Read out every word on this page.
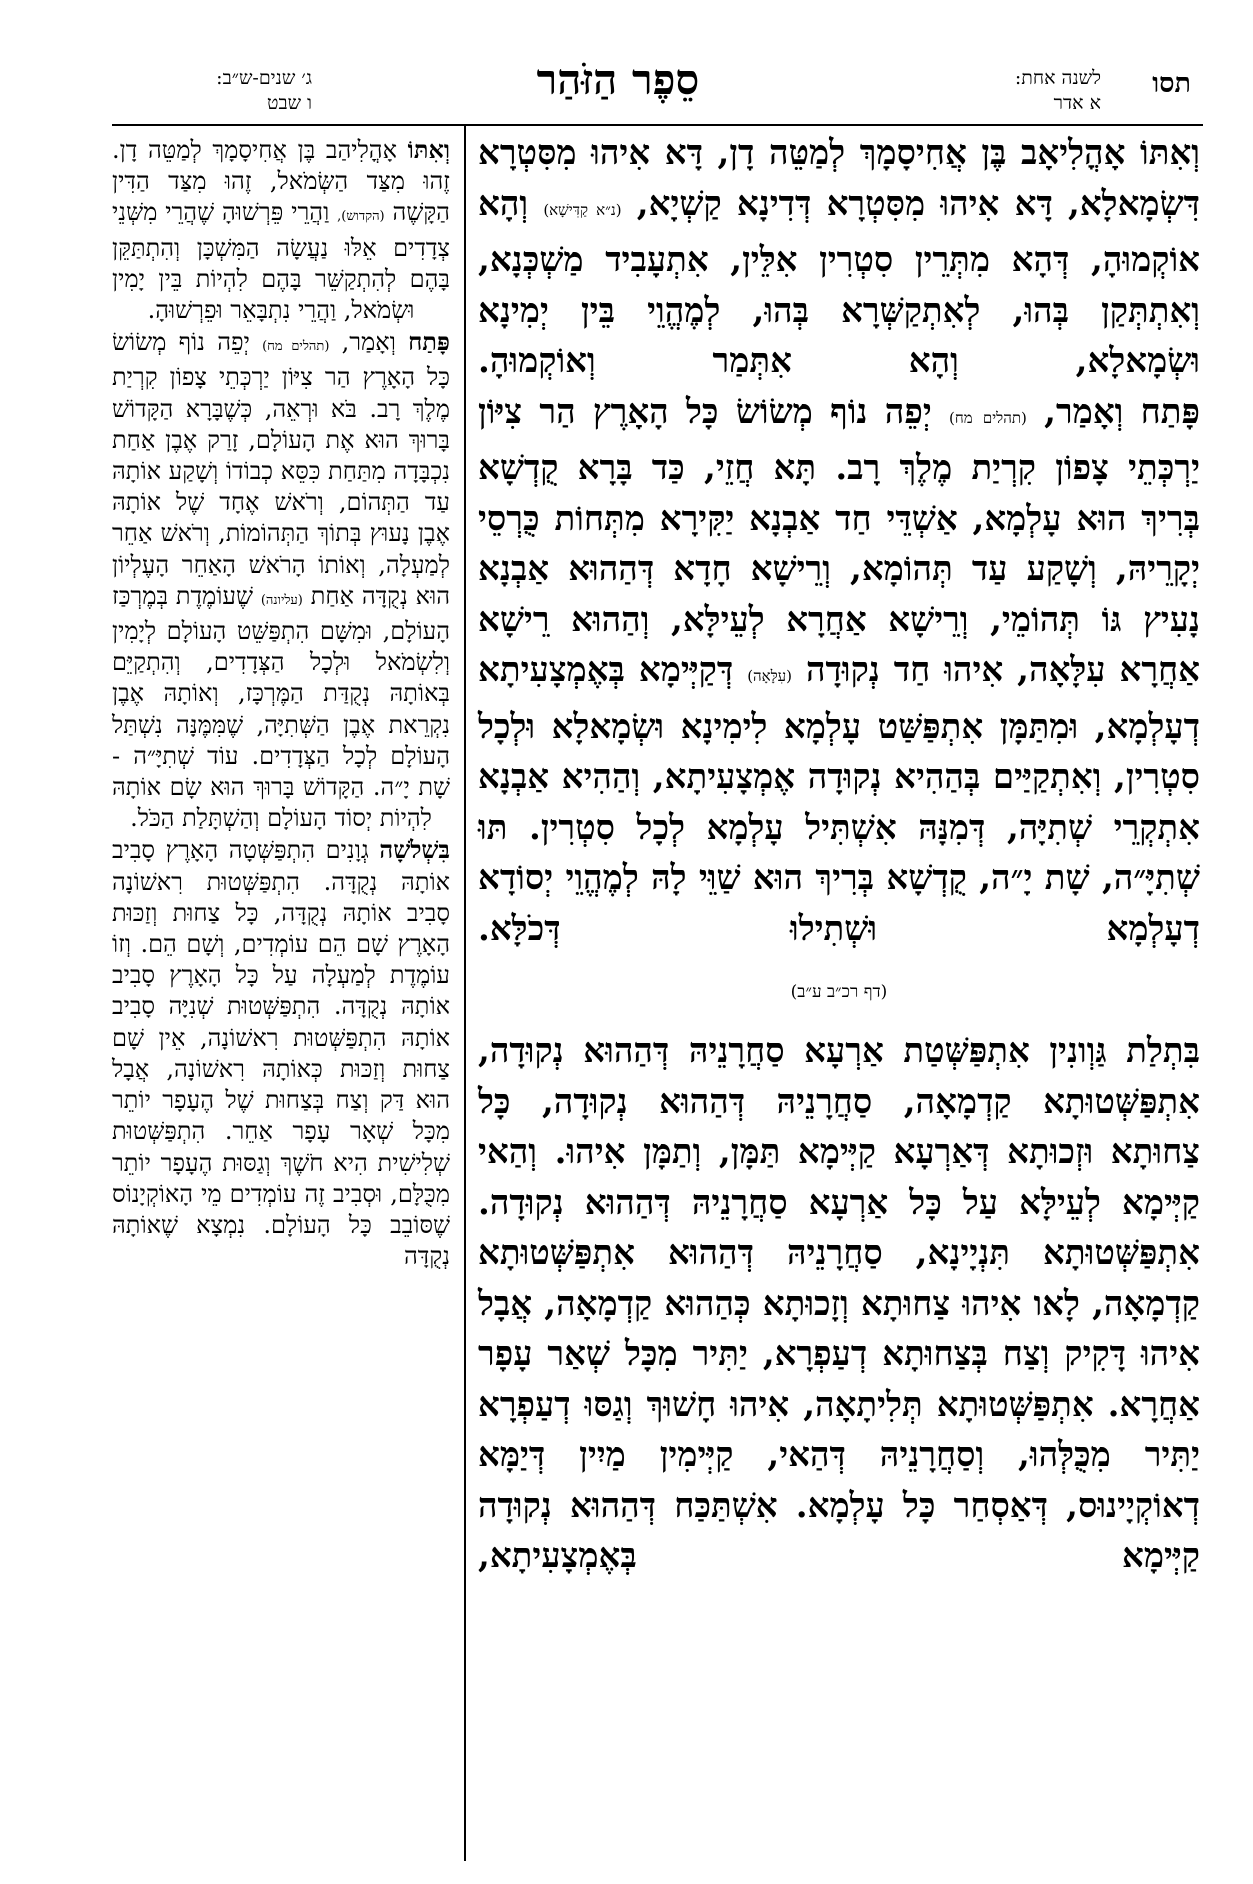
תסו
לשנה אחת:
א אדר
סֵפֶר הַזֹּהַר
ג׳ שנים-ש״ב:
ו שבט

וְאִתּוֹ אָהֳלִיאָב בֶּן אֲחִיסָמָךְ לְמַטֵּה דָן, דָּא אִיהוּ מִסִּטְרָא דִּשְׂמָאלָא, דָּא אִיהוּ מִסִּטְרָא דְּדִינָא קַשְׁיָא, (נ״א קַדִּישָׁא) וְהָא אוֹקְמוּהָ, דְּהָא מִתְּרֵין סִטְרִין אִלֵּין, אִתְעָבִיד מַשְׁכְּנָא, וְאִתְתְּקַן בְּהוּ, לְאִתְקַשְּׁרָא בְּהוּ, לְמֶהֱוֵי בֵּין יְמִינָא וּשְׂמָאלָא, וְהָא אִתְּמַר וְאוֹקְמוּהָ.

פָּתַח וְאָמַר, (תהלים מח) יְפֵה נוֹף מְשׂוֹשׂ כָּל הָאָרֶץ הַר צִיּוֹן יַרְכְּתֵי צָפוֹן קִרְיַת מֶלֶךְ רָב. תָּא חֲזֵי, כַּד בָּרָא קֻדְשָׁא בְּרִיךְ הוּא עָלְמָא, אַשְׁדֵּי חַד אַבְנָא יַקִּירָא מִתְּחוֹת כֻּרְסֵי יְקָרֵיהּ, וְשָׁקַע עַד תְּהוֹמָא, וְרֵישָׁא חָדָא דְּהַהוּא אַבְנָא נָעִיץ גּוֹ תְּהוֹמֵי, וְרֵישָׁא אַחֲרָא לְעֵילָּא, וְהַהוּא רֵישָׁא אַחֲרָא עִלָּאָה, אִיהוּ חַד נְקוּדָה (עִלָּאָה) דְּקַיְּימָא בְּאֶמְצָעִיתָא דְעָלְמָא, וּמִתַּמָּן אִתְפַּשַּׁט עָלְמָא לִימִינָא וּשְׂמָאלָא וּלְכָל סִטְרִין, וְאִתְקַיַּים בְּהַהִיא נְקוּדָה אֶמְצָעִיתָא, וְהַהִיא אַבְנָא אִתְקְרֵי שְׁתִיָּה, דְּמִנָּהּ אִשְׁתִּיל עָלְמָא לְכָל סִטְרִין. תּוּ שְׁתִיָּ״ה, שָׁת יָ״ה, קֻדְשָׁא בְּרִיךְ הוּא שַׁוֵּי לָהּ לְמֶהֱוֵי יְסוֹדָא דְעָלְמָא וּשְׁתִילוּ דְּכֹלָּא.

(דף רכ״ב ע״ב)

בִּתְלַת גַּוְונִין אִתְפַּשְּׁטַת אַרְעָא סַחֲרָנֵיהּ דְּהַהוּא נְקוּדָה, אִתְפַּשְּׁטוּתָא קַדְמָאָה, סַחֲרָנֵיהּ דְּהַהוּא נְקוּדָה, כָּל צַחוּתָא וּזְכוּתָא דְּאַרְעָא קַיְּימָא תַּמָּן, וְתַמָּן אִיהוּ. וְהַאי קַיְּימָא לְעֵילָּא עַל כָּל אַרְעָא סַחֲרָנֵיהּ דְּהַהוּא נְקוּדָה. אִתְפַּשְּׁטוּתָא תִּנְיָינָא, סַחֲרָנֵיהּ דְּהַהוּא אִתְפַּשְּׁטוּתָא קַדְמָאָה, לָאו אִיהוּ צַחוּתָא וְזָכוּתָא כְּהַהוּא קַדְמָאָה, אֲבָל אִיהוּ דָּקִיק וְצַח בְּצַחוּתָא דְעַפְרָא, יַתִּיר מִכָּל שְׁאַר עָפָר אַחֲרָא. אִתְפַּשְּׁטוּתָא תְּלִיתָאָה, אִיהוּ חָשׁוּךְ וְגַסּוּ דְעַפְרָא יַתִּיר מִכֻּלְּהוּ, וְסַחֲרָנֵיהּ דְּהַאי, קַיְּימִין מַיִין דְּיַמָּא דְאוֹקְיָינוּס, דְּאַסְחַר כָּל עָלְמָא. אִשְׁתַּכַּח דְּהַהוּא נְקוּדָה קַיְּימָא בְּאֶמְצָעִיתָא,

וְאִתּוֹ אָהֳלִיהַב בֶּן אֲחִיסָמָךְ לְמַטֵּה דָן. זֶהוּ מִצַּד הַשְּׂמֹאל, זֶהוּ מִצַּד הַדִּין הַקָּשֶׁה (הקדוש), וַהֲרֵי פֵּרְשׁוּהָ שֶׁהֲרֵי מִשְּׁנֵי צְדָדִים אֵלּוּ נַעֲשָׂה הַמִּשְׁכָּן וְהִתְתַּקֵּן בָּהֶם לְהִתְקַשֵּׁר בָּהֶם לִהְיוֹת בֵּין יָמִין וּשְׂמֹאל, וַהֲרֵי נִתְבָּאֵר וּפֵרְשׁוּהָ.

פָּתַח וְאָמַר, (תהלים מח) יְפֵה נוֹף מְשׂוֹשׂ כָּל הָאָרֶץ הַר צִיּוֹן יַרְכְּתֵי צָפוֹן קִרְיַת מֶלֶךְ רָב. בֹּא וּרְאֵה, כְּשֶׁבָּרָא הַקָּדוֹשׁ בָּרוּךְ הוּא אֶת הָעוֹלָם, זָרַק אֶבֶן אַחַת נִכְבָּדָה מִתַּחַת כִּסֵּא כְבוֹדוֹ וְשָׁקַע אוֹתָהּ עַד הַתְּהוֹם, וְרֹאשׁ אֶחָד שֶׁל אוֹתָהּ אֶבֶן נָעוּץ בְּתוֹךְ הַתְּהוֹמוֹת, וְרֹאשׁ אַחֵר לְמַעְלָה, וְאוֹתוֹ הָרֹאשׁ הָאַחֵר הָעֶלְיוֹן הוּא נְקֻדָּה אַחַת (עליונה) שֶׁעוֹמֶדֶת בְּמֶרְכַּז הָעוֹלָם, וּמִשָּׁם הִתְפַּשֵּׁט הָעוֹלָם לְיָמִין וְלִשְׂמֹאל וּלְכָל הַצְּדָדִים, וְהִתְקַיֵּם בְּאוֹתָהּ נְקֻדַּת הַמֶּרְכָּז, וְאוֹתָהּ אֶבֶן נִקְרֵאת אֶבֶן הַשְּׁתִיָּה, שֶׁמִּמֶּנָּה נִשְׁתַּל הָעוֹלָם לְכָל הַצְּדָדִים. עוֹד שְׁתִיָּ״ה - שָׁת יָ״ה. הַקָּדוֹשׁ בָּרוּךְ הוּא שָׂם אוֹתָהּ לִהְיוֹת יְסוֹד הָעוֹלָם וְהַשְׁתָּלַת הַכֹּל.

בִּשְׁלֹשָׁה גְוָנִים הִתְפַּשְּׁטָה הָאָרֶץ סָבִיב אוֹתָהּ נְקֻדָּה. הִתְפַּשְּׁטוּת רִאשׁוֹנָה סָבִיב אוֹתָהּ נְקֻדָּה, כָּל צַחוּת וְזַכּוּת הָאָרֶץ שָׁם הֵם עוֹמְדִים, וְשָׁם הֵם. וְזוֹ עוֹמֶדֶת לְמַעְלָה עַל כָּל הָאָרֶץ סָבִיב אוֹתָהּ נְקֻדָּה. הִתְפַּשְּׁטוּת שְׁנִיָּה סָבִיב אוֹתָהּ הִתְפַּשְּׁטוּת רִאשׁוֹנָה, אֵין שָׁם צַחוּת וְזַכּוּת כְּאוֹתָהּ רִאשׁוֹנָה, אֲבָל הוּא דַּק וְצַח בְּצַחוּת שֶׁל הֶעָפָר יוֹתֵר מִכָּל שְׁאָר עָפָר אַחֵר. הִתְפַּשְּׁטוּת שְׁלִישִׁית הִיא חֹשֶׁךְ וְגַסּוּת הֶעָפָר יוֹתֵר מִכֻּלָּם, וּסְבִיב זֶה עוֹמְדִים מֵי הָאוֹקְיָנוֹס שֶׁסּוֹבֵב כָּל הָעוֹלָם. נִמְצָא שֶׁאוֹתָהּ נְקֻדָּה
